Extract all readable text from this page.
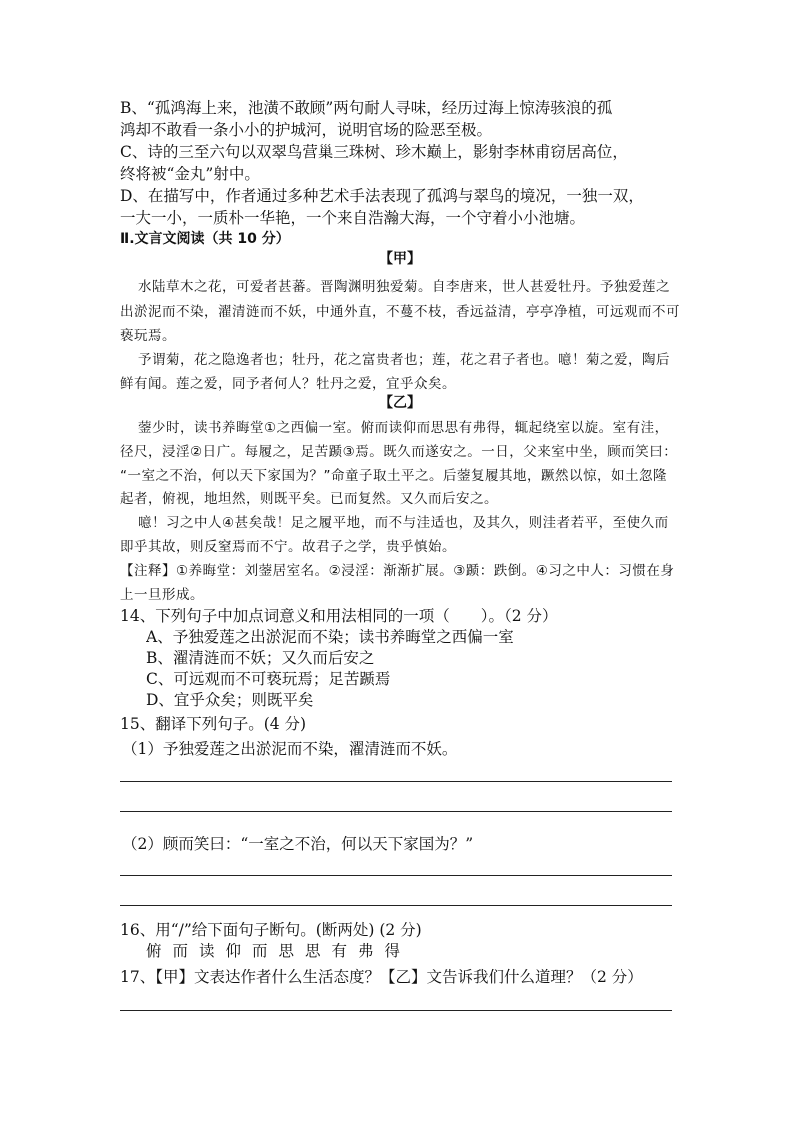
B、“孤鸿海上来，池潢不敢顾”两句耐人寻味，经历过海上惊涛骇浪的孤
鸿却不敢看一条小小的护城河，说明官场的险恶至极。
C、诗的三至六句以双翠鸟营巢三珠树、珍木巅上，影射李林甫窃居高位，
终将被“金丸”射中。
D、在描写中，作者通过多种艺术手法表现了孤鸿与翠鸟的境况，一独一双，
一大一小，一质朴一华艳，一个来自浩瀚大海，一个守着小小池塘。
Ⅱ.文言文阅读（共 10 分）
【甲】
水陆草木之花，可爱者甚蕃。晋陶渊明独爱菊。自李唐来，世人甚爱牡丹。予独爱莲之
出淤泥而不染，濯清涟而不妖，中通外直，不蔓不枝，香远益清，亭亭净植，可远观而不可
亵玩焉。
予谓菊，花之隐逸者也；牡丹，花之富贵者也；莲，花之君子者也。噫！菊之爱，陶后
鲜有闻。莲之爱，同予者何人？牡丹之爱，宜乎众矣。
【乙】
蓥少时，读书养晦堂①之西偏一室。俯而读仰而思思有弗得，辄起绕室以旋。室有洼，
径尺，浸淫②日广。每履之，足苦踬③焉。既久而遂安之。一日，父来室中坐，顾而笑曰：
“一室之不治，何以天下家国为？”命童子取土平之。后蓥复履其地，蹶然以惊，如土忽隆
起者，俯视，地坦然，则既平矣。已而复然。又久而后安之。
噫！习之中人④甚矣哉！足之履平地，而不与洼适也，及其久，则洼者若平，至使久而
即乎其故，则反窒焉而不宁。故君子之学，贵乎慎始。
【注释】①养晦堂：刘蓥居室名。②浸淫：渐渐扩展。③踬：跌倒。④习之中人：习惯在身
上一旦形成。
14、下列句子中加点词意义和用法相同的一项（　　）。（2 分）
A、予独爱莲之出淤泥而不染；读书养晦堂之西偏一室
B、濯清涟而不妖；又久而后安之
C、可远观而不可亵玩焉；足苦踬焉
D、宜乎众矣；则既平矣
15、翻译下列句子。(4 分)
（1）予独爱莲之出淤泥而不染，濯清涟而不妖。
（2）顾而笑曰：“一室之不治，何以天下家国为？”
16、用“/”给下面句子断句。(断两处) (2 分)
俯而读仰而思思有弗得
17、【甲】文表达作者什么生活态度？【乙】文告诉我们什么道理？（2 分）
